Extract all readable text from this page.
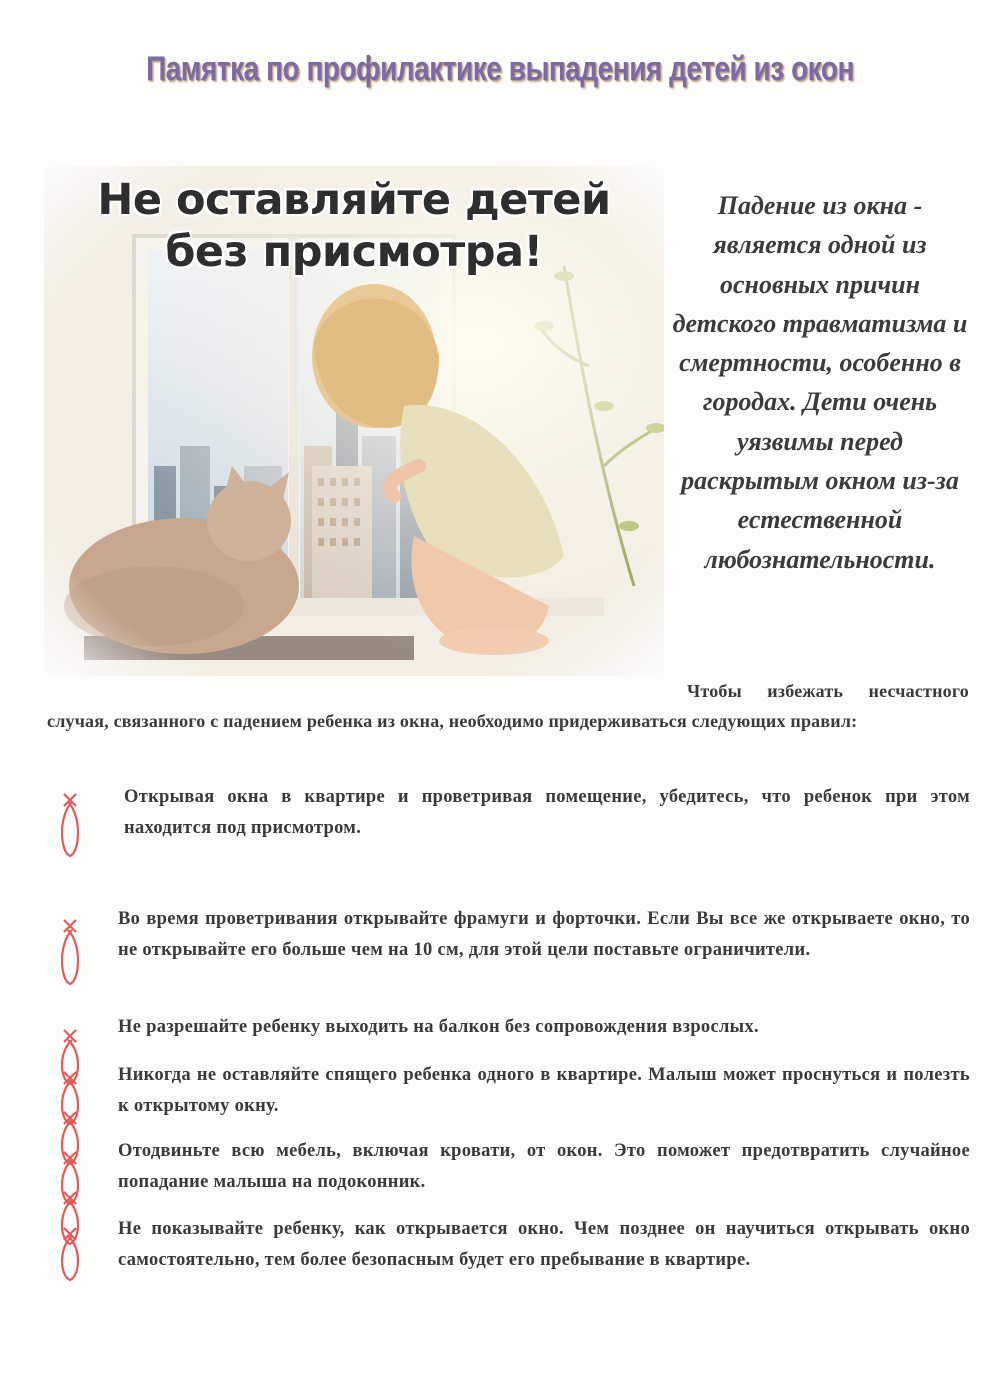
Памятка по профилактике выпадения детей из окон
Не оставляйте детей
без присмотра!
Падение из окна - является одной из основных причин детского травматизма и смертности, особенно в городах. Дети очень уязвимы перед раскрытым окном из-за естественной любознательности.
Чтобы избежать несчастного случая, связанного с падением ребенка из окна, необходимо придерживаться следующих правил:
Открывая окна в квартире и проветривая помещение, убедитесь, что ребенок при этом находится под присмотром.
Во время проветривания открывайте фрамуги и форточки. Если Вы все же открываете окно, то не открывайте его больше чем на 10 см, для этой цели поставьте ограничители.
Не разрешайте ребенку выходить на балкон без сопровождения взрослых.
Никогда не оставляйте спящего ребенка одного в квартире. Малыш может проснуться и полезть к открытому окну.
Отодвиньте всю мебель, включая кровати, от окон. Это поможет предотвратить случайное попадание малыша на подоконник.
Не показывайте ребенку, как открывается окно. Чем позднее он научиться открывать окно самостоятельно, тем более безопасным будет его пребывание в квартире.
